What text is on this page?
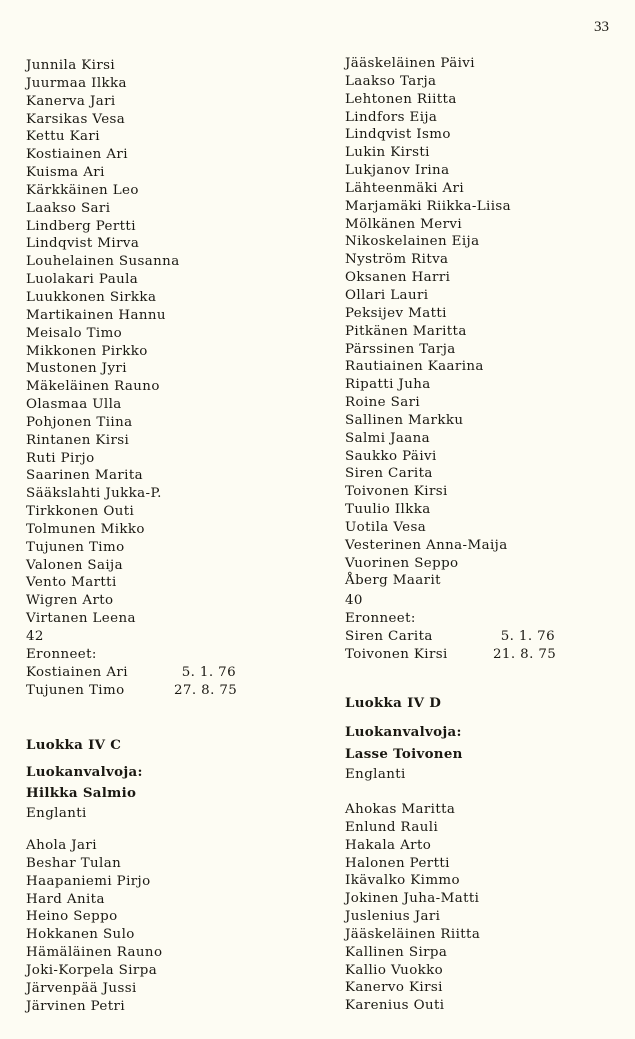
33
Junnila Kirsi
Juurmaa Ilkka
Kanerva Jari
Karsikas Vesa
Kettu Kari
Kostiainen Ari
Kuisma Ari
Kärkkäinen Leo
Laakso Sari
Lindberg Pertti
Lindqvist Mirva
Louhelainen Susanna
Luolakari Paula
Luukkonen Sirkka
Martikainen Hannu
Meisalo Timo
Mikkonen Pirkko
Mustonen Jyri
Mäkeläinen Rauno
Olasmaa Ulla
Pohjonen Tiina
Rintanen Kirsi
Ruti Pirjo
Saarinen Marita
Sääkslahti Jukka-P.
Tirkkonen Outi
Tolmunen Mikko
Tujunen Timo
Valonen Saija
Vento Martti
Wigren Arto
Virtanen Leena
42
Eronneet:
Kostiainen Ari	5. 1. 76
Tujunen Timo	27. 8. 75
Luokka IV C
Luokanvalvoja:
Hilkka Salmio
Englanti
Ahola Jari
Beshar Tulan
Haapaniemi Pirjo
Hard Anita
Heino Seppo
Hokkanen Sulo
Hämäläinen Rauno
Joki-Korpela Sirpa
Järvenpää Jussi
Järvinen Petri
Jääskeläinen Päivi
Laakso Tarja
Lehtonen Riitta
Lindfors Eija
Lindqvist Ismo
Lukin Kirsti
Lukjanov Irina
Lähteenmäki Ari
Marjamäki Riikka-Liisa
Mölkänen Mervi
Nikoskelainen Eija
Nyström Ritva
Oksanen Harri
Ollari Lauri
Peksijev Matti
Pitkänen Maritta
Pärssinen Tarja
Rautiainen Kaarina
Ripatti Juha
Roine Sari
Sallinen Markku
Salmi Jaana
Saukko Päivi
Siren Carita
Toivonen Kirsi
Tuulio Ilkka
Uotila Vesa
Vesterinen Anna-Maija
Vuorinen Seppo
Åberg Maarit
40
Eronneet:
Siren Carita	5. 1. 76
Toivonen Kirsi	21. 8. 75
Luokka IV D
Luokanvalvoja:
Lasse Toivonen
Englanti
Ahokas Maritta
Enlund Rauli
Hakala Arto
Halonen Pertti
Ikävalko Kimmo
Jokinen Juha-Matti
Juslenius Jari
Jääskeläinen Riitta
Kallinen Sirpa
Kallio Vuokko
Kanervo Kirsi
Karenius Outi
